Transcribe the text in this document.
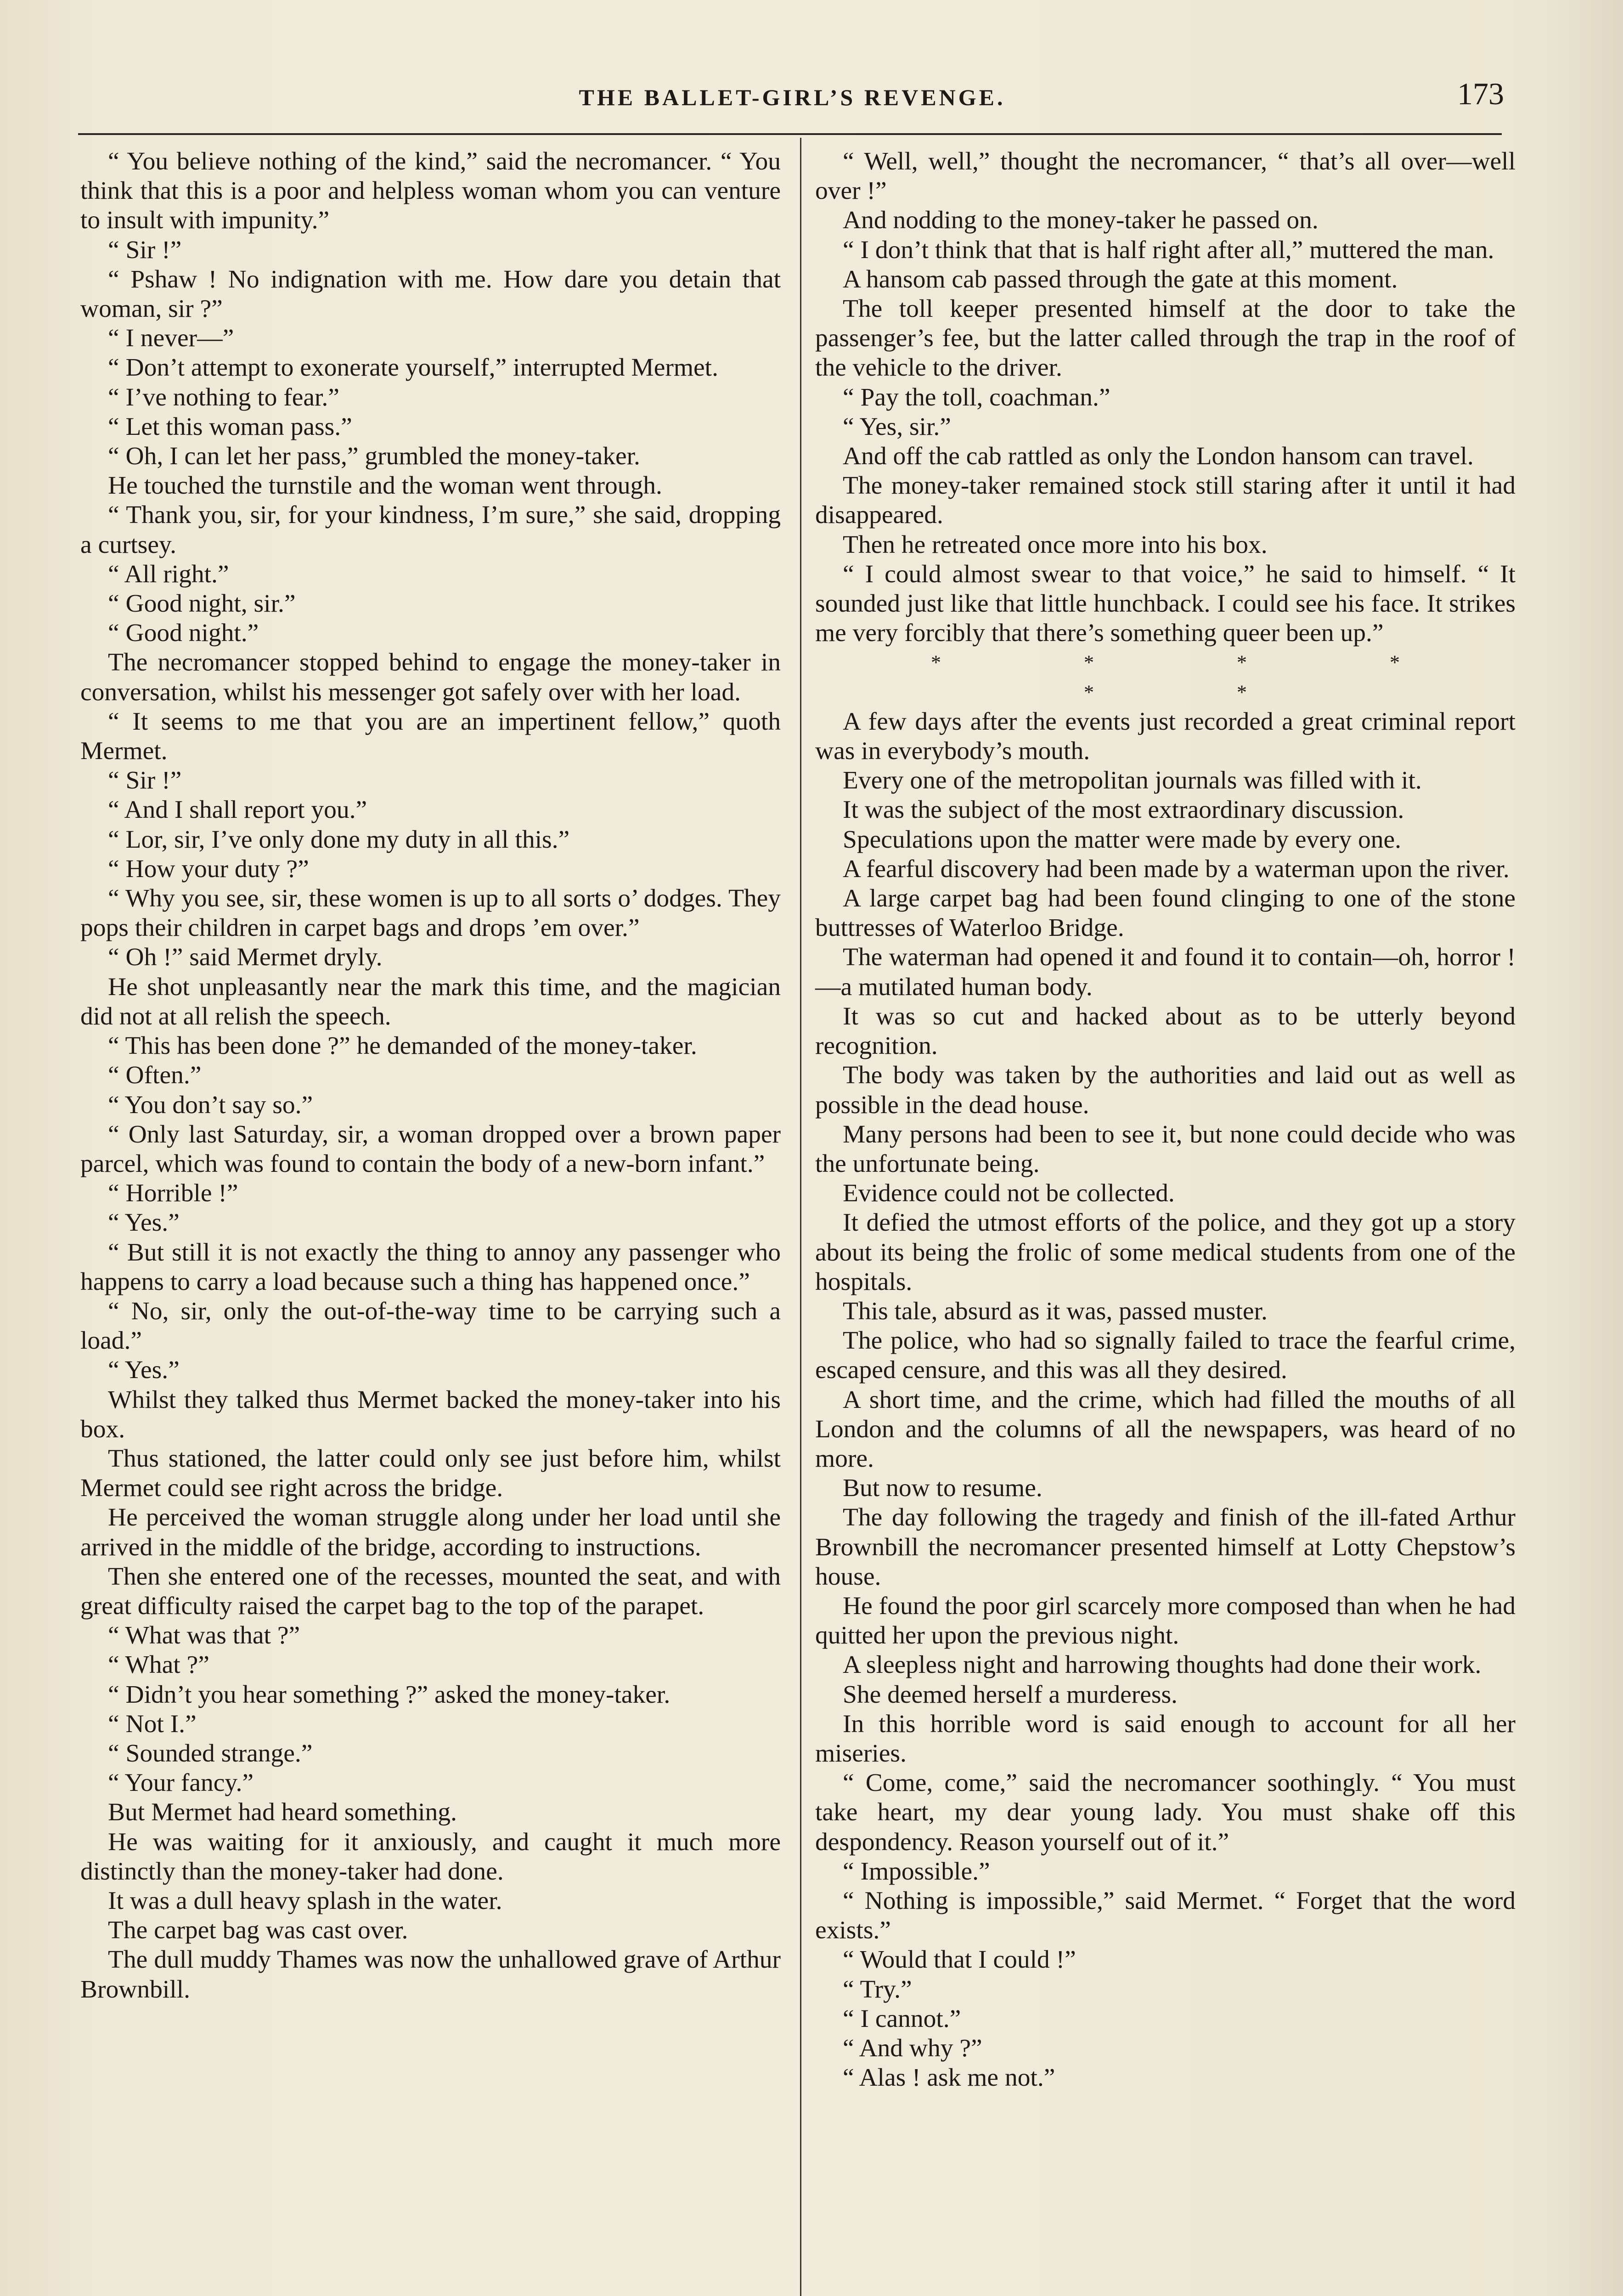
THE BALLET-GIRL’S REVENGE.	173

“ You believe nothing of the kind,” said the necromancer. “ You think that this is a poor and helpless woman whom you can venture to insult with impunity.”

“ Sir !”

“ Pshaw ! No indignation with me. How dare you detain that woman, sir ?”

“ I never—”

“ Don’t attempt to exonerate yourself,” interrupted Mermet.

“ I’ve nothing to fear.”

“ Let this woman pass.”

“ Oh, I can let her pass,” grumbled the money-taker.

He touched the turnstile and the woman went through.

“ Thank you, sir, for your kindness, I’m sure,” she said, dropping a curtsey.

“ All right.”

“ Good night, sir.”

“ Good night.”

The necromancer stopped behind to engage the money-taker in conversation, whilst his messenger got safely over with her load.

“ It seems to me that you are an impertinent fellow,” quoth Mermet.

“ Sir !”

“ And I shall report you.”

“ Lor, sir, I’ve only done my duty in all this.”

“ How your duty ?”

“ Why you see, sir, these women is up to all sorts o’ dodges. They pops their children in carpet bags and drops ’em over.”

“ Oh !” said Mermet dryly.

He shot unpleasantly near the mark this time, and the magician did not at all relish the speech.

“ This has been done ?” he demanded of the money-taker.

“ Often.”

“ You don’t say so.”

“ Only last Saturday, sir, a woman dropped over a brown paper parcel, which was found to contain the body of a new-born infant.”

“ Horrible !”

“ Yes.”

“ But still it is not exactly the thing to annoy any passenger who happens to carry a load because such a thing has happened once.”

“ No, sir, only the out-of-the-way time to be carrying such a load.”

“ Yes.”

Whilst they talked thus Mermet backed the money-taker into his box.

Thus stationed, the latter could only see just before him, whilst Mermet could see right across the bridge.

He perceived the woman struggle along under her load until she arrived in the middle of the bridge, according to instructions.

Then she entered one of the recesses, mounted the seat, and with great difficulty raised the carpet bag to the top of the parapet.

“ What was that ?”

“ What ?”

“ Didn’t you hear something ?” asked the money-taker.

“ Not I.”

“ Sounded strange.”

“ Your fancy.”

But Mermet had heard something.

He was waiting for it anxiously, and caught it much more distinctly than the money-taker had done.

It was a dull heavy splash in the water.

The carpet bag was cast over.

The dull muddy Thames was now the unhallowed grave of Arthur Brownbill.

“ Well, well,” thought the necromancer, “ that’s all over—well over !”

And nodding to the money-taker he passed on.

“ I don’t think that that is half right after all,” muttered the man.

A hansom cab passed through the gate at this moment.

The toll keeper presented himself at the door to take the passenger’s fee, but the latter called through the trap in the roof of the vehicle to the driver.

“ Pay the toll, coachman.”

“ Yes, sir.”

And off the cab rattled as only the London hansom can travel.

The money-taker remained stock still staring after it until it had disappeared.

Then he retreated once more into his box.

“ I could almost swear to that voice,” he said to himself. “ It sounded just like that little hunchback. I could see his face. It strikes me very forcibly that there’s something queer been up.”

* * * * * *

A few days after the events just recorded a great criminal report was in everybody’s mouth.

Every one of the metropolitan journals was filled with it.

It was the subject of the most extraordinary discussion.

Speculations upon the matter were made by every one.

A fearful discovery had been made by a waterman upon the river.

A large carpet bag had been found clinging to one of the stone buttresses of Waterloo Bridge.

The waterman had opened it and found it to contain—oh, horror !—a mutilated human body.

It was so cut and hacked about as to be utterly beyond recognition.

The body was taken by the authorities and laid out as well as possible in the dead house.

Many persons had been to see it, but none could decide who was the unfortunate being.

Evidence could not be collected.

It defied the utmost efforts of the police, and they got up a story about its being the frolic of some medical students from one of the hospitals.

This tale, absurd as it was, passed muster.

The police, who had so signally failed to trace the fearful crime, escaped censure, and this was all they desired.

A short time, and the crime, which had filled the mouths of all London and the columns of all the newspapers, was heard of no more.

But now to resume.

The day following the tragedy and finish of the ill-fated Arthur Brownbill the necromancer presented himself at Lotty Chepstow’s house.

He found the poor girl scarcely more composed than when he had quitted her upon the previous night.

A sleepless night and harrowing thoughts had done their work.

She deemed herself a murderess.

In this horrible word is said enough to account for all her miseries.

“ Come, come,” said the necromancer soothingly. “ You must take heart, my dear young lady. You must shake off this despondency. Reason yourself out of it.”

“ Impossible.”

“ Nothing is impossible,” said Mermet. “ Forget that the word exists.”

“ Would that I could !”

“ Try.”

“ I cannot.”

“ And why ?”

“ Alas ! ask me not.”
